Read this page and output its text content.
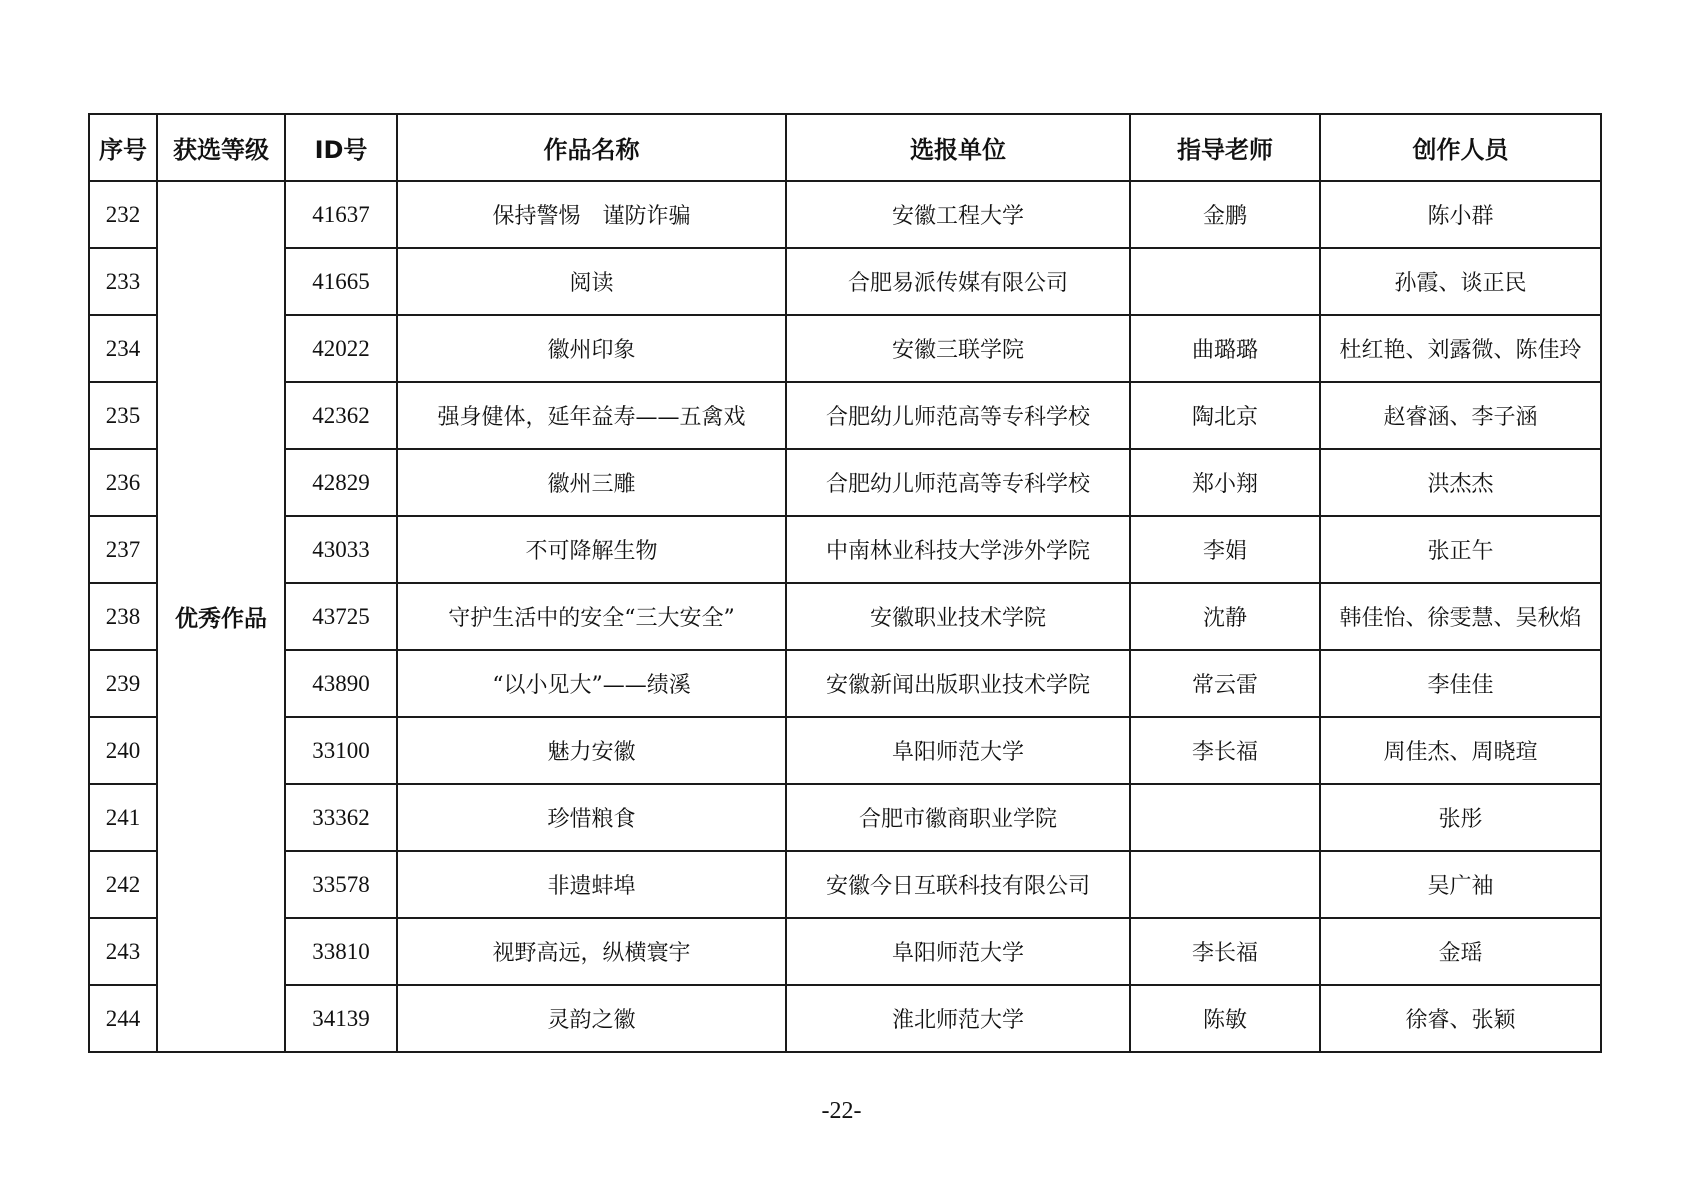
序号	获选等级	ID号	作品名称	选报单位	指导老师	创作人员
232	优秀作品	41637	保持警惕　谨防诈骗	安徽工程大学	金鹏	陈小群
233		41665	阅读	合肥易派传媒有限公司		孙霞、谈正民
234		42022	徽州印象	安徽三联学院	曲璐璐	杜红艳、刘露微、陈佳玲
235		42362	强身健体，延年益寿——五禽戏	合肥幼儿师范高等专科学校	陶北京	赵睿涵、李子涵
236		42829	徽州三雕	合肥幼儿师范高等专科学校	郑小翔	洪杰杰
237		43033	不可降解生物	中南林业科技大学涉外学院	李娟	张正午
238		43725	守护生活中的安全“三大安全”	安徽职业技术学院	沈静	韩佳怡、徐雯慧、吴秋焰
239		43890	“以小见大”——绩溪	安徽新闻出版职业技术学院	常云雷	李佳佳
240		33100	魅力安徽	阜阳师范大学	李长福	周佳杰、周晓瑄
241		33362	珍惜粮食	合肥市徽商职业学院		张彤
242		33578	非遗蚌埠	安徽今日互联科技有限公司		吴广袖
243		33810	视野高远，纵横寰宇	阜阳师范大学	李长福	金瑶
244		34139	灵韵之徽	淮北师范大学	陈敏	徐睿、张颖
-22-
